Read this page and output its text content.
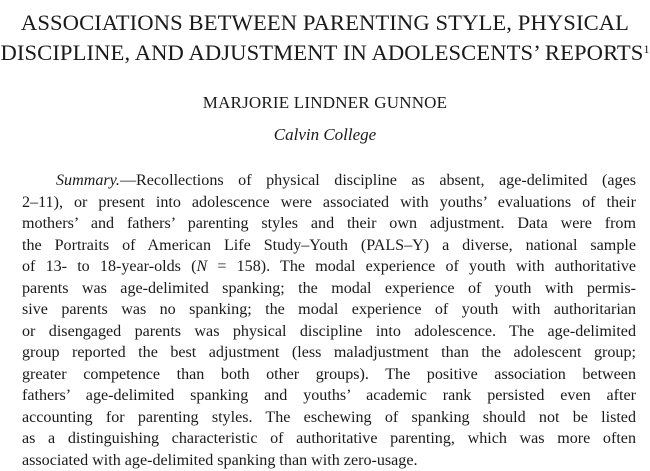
ASSOCIATIONS BETWEEN PARENTING STYLE, PHYSICAL
DISCIPLINE, AND ADJUSTMENT IN ADOLESCENTS’ REPORTS$^1$

MARJORIE LINDNER GUNNOE

Calvin College

Summary.—Recollections of physical discipline as absent, age-delimited (ages
2–11), or present into adolescence were associated with youths’ evaluations of their
mothers’ and fathers’ parenting styles and their own adjustment. Data were from
the Portraits of American Life Study–Youth (PALS–Y) a diverse, national sample
of 13- to 18-year-olds (N = 158). The modal experience of youth with authoritative
parents was age-delimited spanking; the modal experience of youth with permis-
sive parents was no spanking; the modal experience of youth with authoritarian
or disengaged parents was physical discipline into adolescence. The age-delimited
group reported the best adjustment (less maladjustment than the adolescent group;
greater competence than both other groups). The positive association between
fathers’ age-delimited spanking and youths’ academic rank persisted even after
accounting for parenting styles. The eschewing of spanking should not be listed
as a distinguishing characteristic of authoritative parenting, which was more often
associated with age-delimited spanking than with zero-usage.
